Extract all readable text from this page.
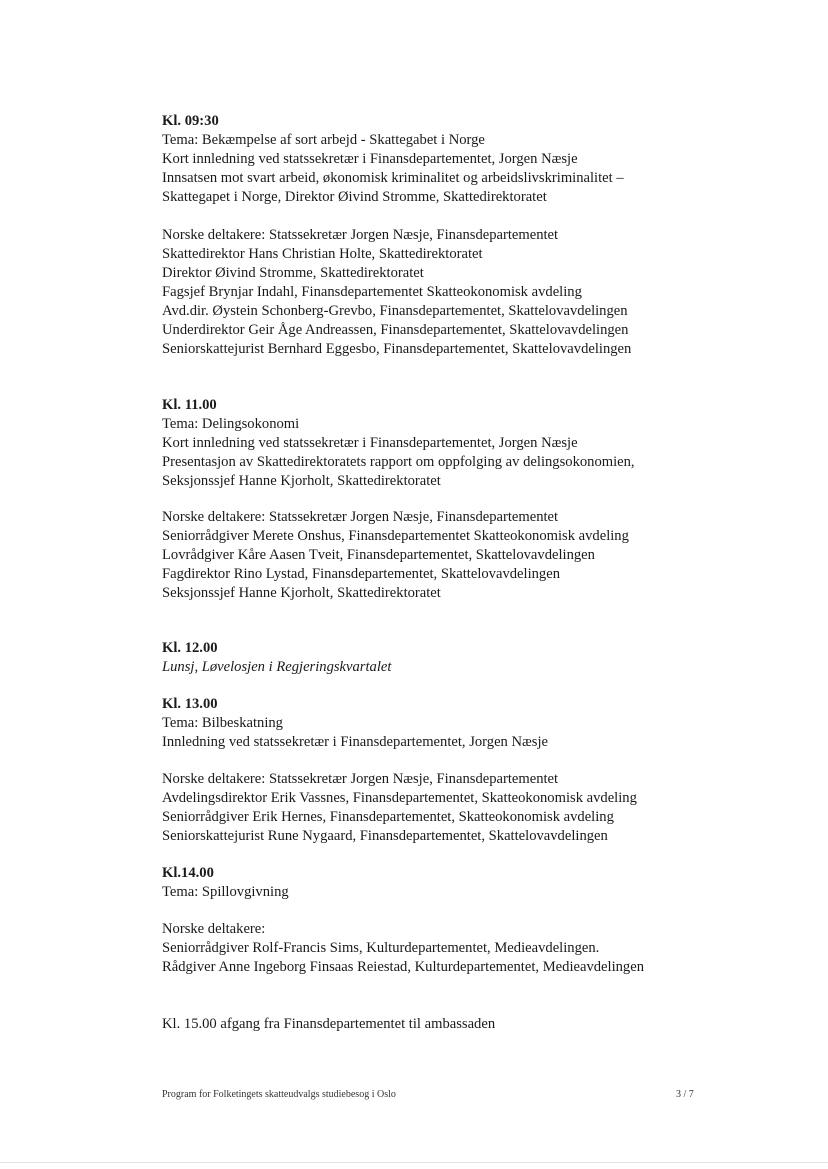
Kl. 09:30
Tema: Bekæmpelse af sort arbejd - Skattegabet i Norge
Kort innledning ved statssekretær i Finansdepartementet, Jorgen Næsje
Innsatsen mot svart arbeid, økonomisk kriminalitet og arbeidslivskriminalitet –
Skattegapet i Norge, Direktor Øivind Stromme, Skattedirektoratet
Norske deltakere: Statssekretær Jorgen Næsje, Finansdepartementet
Skattedirektor Hans Christian Holte, Skattedirektoratet
Direktor Øivind Stromme, Skattedirektoratet
Fagsjef Brynjar Indahl, Finansdepartementet Skatteokonomisk avdeling
Avd.dir. Øystein Schonberg-Grevbo, Finansdepartementet, Skattelovavdelingen
Underdirektor Geir Åge Andreassen, Finansdepartementet, Skattelovavdelingen
Seniorskattejurist Bernhard Eggesbo, Finansdepartementet, Skattelovavdelingen
Kl. 11.00
Tema: Delingsokonomi
Kort innledning ved statssekretær i Finansdepartementet, Jorgen Næsje
Presentasjon av Skattedirektoratets rapport om oppfolging av delingsokonomien,
Seksjonssjef Hanne Kjorholt, Skattedirektoratet
Norske deltakere: Statssekretær Jorgen Næsje, Finansdepartementet
Seniorrådgiver Merete Onshus, Finansdepartementet Skatteokonomisk avdeling
Lovrådgiver Kåre Aasen Tveit, Finansdepartementet, Skattelovavdelingen
Fagdirektor Rino Lystad, Finansdepartementet, Skattelovavdelingen
Seksjonssjef Hanne Kjorholt, Skattedirektoratet
Kl. 12.00
Lunsj, Løvelosjen i Regjeringskvartalet
Kl. 13.00
Tema: Bilbeskatning
Innledning ved statssekretær i Finansdepartementet, Jorgen Næsje
Norske deltakere: Statssekretær Jorgen Næsje, Finansdepartementet
Avdelingsdirektor Erik Vassnes, Finansdepartementet, Skatteokonomisk avdeling
Seniorrådgiver Erik Hernes, Finansdepartementet, Skatteokonomisk avdeling
Seniorskattejurist Rune Nygaard, Finansdepartementet, Skattelovavdelingen
Kl.14.00
Tema: Spillovgivning
Norske deltakere:
Seniorrådgiver Rolf-Francis Sims, Kulturdepartementet, Medieavdelingen.
Rådgiver Anne Ingeborg Finsaas Reiestad, Kulturdepartementet, Medieavdelingen
Kl. 15.00 afgang fra Finansdepartementet til ambassaden
Program for Folketingets skatteudvalgs studiebesog i Oslo	3 / 7
